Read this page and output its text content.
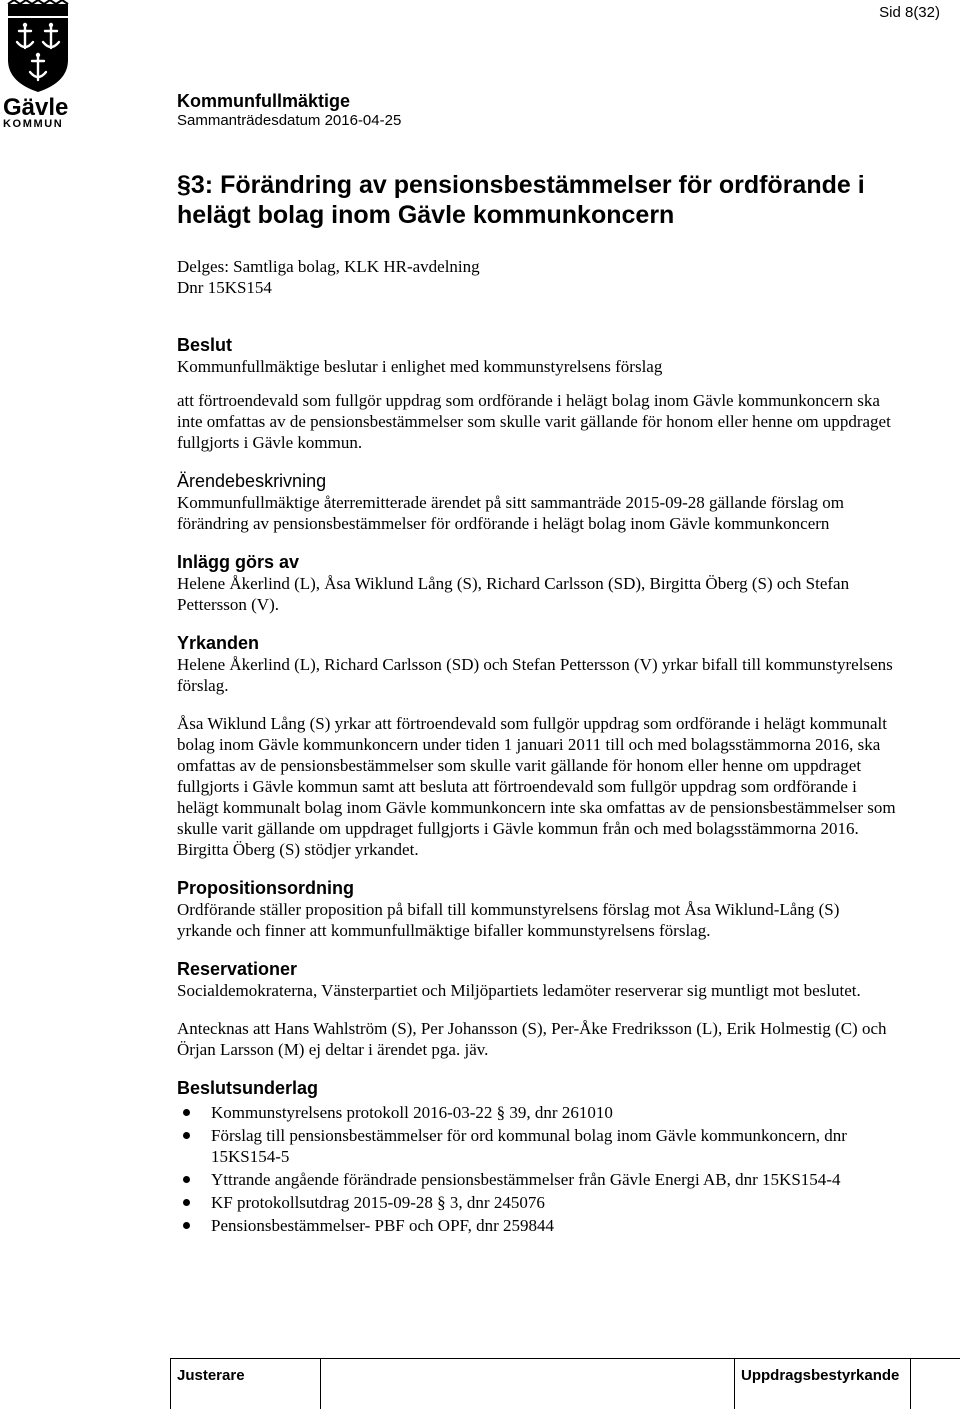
Sid 8(32)
Gävle
KOMMUN
Kommunfullmäktige
Sammanträdesdatum 2016-04-25
§3: Förändring av pensionsbestämmelser för ordförande i helägt bolag inom Gävle kommunkoncern

Delges: Samtliga bolag, KLK HR-avdelning

Dnr 15KS154

Beslut

Kommunfullmäktige beslutar i enlighet med kommunstyrelsens förslag

att förtroendevald som fullgör uppdrag som ordförande i helägt bolag inom Gävle kommunkoncern ska inte omfattas av de pensionsbestämmelser som skulle varit gällande för honom eller henne om uppdraget fullgjorts i Gävle kommun.

Ärendebeskrivning

Kommunfullmäktige återremitterade ärendet på sitt sammanträde 2015-09-28 gällande förslag om förändring av pensionsbestämmelser för ordförande i helägt bolag inom Gävle kommunkoncern

Inlägg görs av

Helene Åkerlind (L), Åsa Wiklund Lång (S), Richard Carlsson (SD), Birgitta Öberg (S) och Stefan Pettersson (V).

Yrkanden

Helene Åkerlind (L), Richard Carlsson (SD) och Stefan Pettersson (V) yrkar bifall till kommunstyrelsens förslag.

Åsa Wiklund Lång (S) yrkar att förtroendevald som fullgör uppdrag som ordförande i helägt kommunalt bolag inom Gävle kommunkoncern under tiden 1 januari 2011 till och med bolagsstämmorna 2016, ska omfattas av de pensionsbestämmelser som skulle varit gällande för honom eller henne om uppdraget fullgjorts i Gävle kommun samt att besluta att förtroendevald som fullgör uppdrag som ordförande i helägt kommunalt bolag inom Gävle kommunkoncern inte ska omfattas av de pensionsbestämmelser som skulle varit gällande om uppdraget fullgjorts i Gävle kommun från och med bolagsstämmorna 2016. Birgitta Öberg (S) stödjer yrkandet.

Propositionsordning

Ordförande ställer proposition på bifall till kommunstyrelsens förslag mot Åsa Wiklund-Lång (S) yrkande och finner att kommunfullmäktige bifaller kommunstyrelsens förslag.

Reservationer

Socialdemokraterna, Vänsterpartiet och Miljöpartiets ledamöter reserverar sig muntligt mot beslutet.

Antecknas att Hans Wahlström (S), Per Johansson (S), Per-Åke Fredriksson (L), Erik Holmestig (C) och Örjan Larsson (M) ej deltar i ärendet pga. jäv.

Beslutsunderlag
Kommunstyrelsens protokoll 2016-03-22 § 39, dnr 261010
Förslag till pensionsbestämmelser för ord kommunal bolag inom Gävle kommunkoncern, dnr 15KS154-5
Yttrande angående förändrade pensionsbestämmelser från Gävle Energi AB, dnr 15KS154-4
KF protokollsutdrag 2015-09-28 § 3, dnr 245076
Pensionsbestämmelser- PBF och OPF, dnr 259844
Justerare	Uppdragsbestyrkande
